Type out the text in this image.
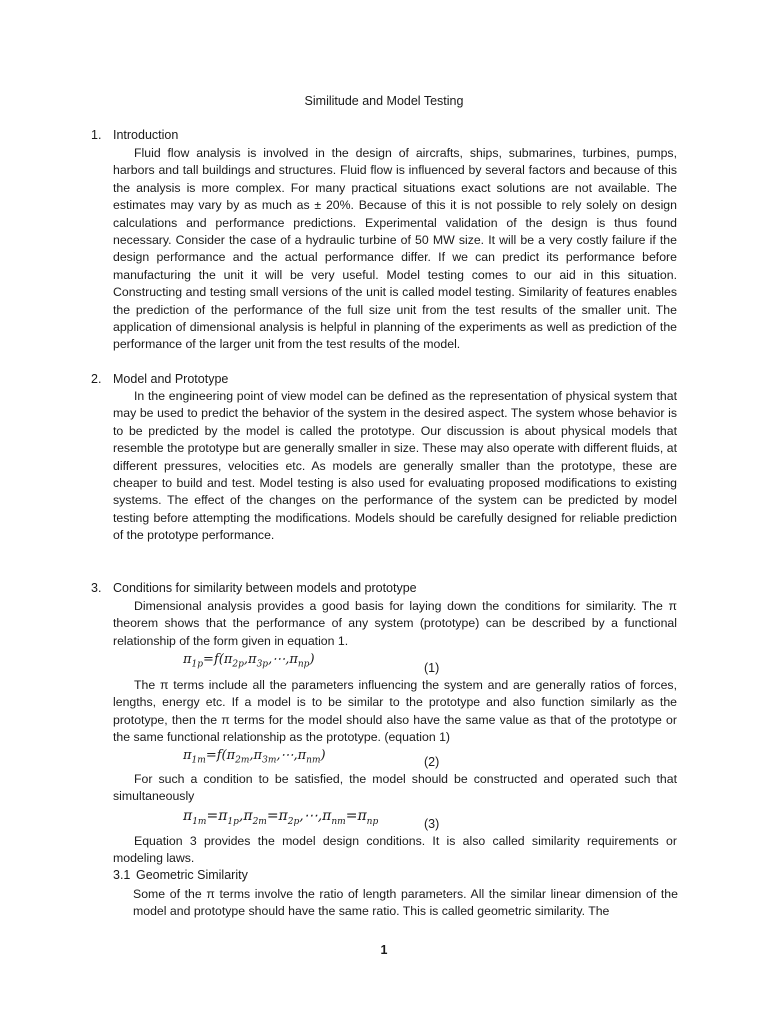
Similitude and Model Testing
1. Introduction

Fluid flow analysis is involved in the design of aircrafts, ships, submarines, turbines, pumps, harbors and tall buildings and structures. Fluid flow is influenced by several factors and because of this the analysis is more complex. For many practical situations exact solutions are not available. The estimates may vary by as much as ± 20%. Because of this it is not possible to rely solely on design calculations and performance predictions. Experimental validation of the design is thus found necessary. Consider the case of a hydraulic turbine of 50 MW size. It will be a very costly failure if the design performance and the actual performance differ. If we can predict its performance before manufacturing the unit it will be very useful. Model testing comes to our aid in this situation. Constructing and testing small versions of the unit is called model testing. Similarity of features enables the prediction of the performance of the full size unit from the test results of the smaller unit. The application of dimensional analysis is helpful in planning of the experiments as well as prediction of the performance of the larger unit from the test results of the model.

2. Model and Prototype

In the engineering point of view model can be defined as the representation of physical system that may be used to predict the behavior of the system in the desired aspect. The system whose behavior is to be predicted by the model is called the prototype. Our discussion is about physical models that resemble the prototype but are generally smaller in size. These may also operate with different fluids, at different pressures, velocities etc. As models are generally smaller than the prototype, these are cheaper to build and test. Model testing is also used for evaluating proposed modifications to existing systems. The effect of the changes on the performance of the system can be predicted by model testing before attempting the modifications. Models should be carefully designed for reliable prediction of the prototype performance.

3. Conditions for similarity between models and prototype

Dimensional analysis provides a good basis for laying down the conditions for similarity. The π theorem shows that the performance of any system (prototype) can be described by a functional relationship of the form given in equation 1.

$\pi_{1p}=f(\pi_{2p},\pi_{3p},\cdots,\pi_{np})$
(1)

The π terms include all the parameters influencing the system and are generally ratios of forces, lengths, energy etc. If a model is to be similar to the prototype and also function similarly as the prototype, then the π terms for the model should also have the same value as that of the prototype or the same functional relationship as the prototype. (equation 1)

$\pi_{1m}=f(\pi_{2m},\pi_{3m},\cdots,\pi_{nm})$	(2)

For such a condition to be satisfied, the model should be constructed and operated such that simultaneously

$\pi_{1m}=\pi_{1p},\pi_{2m}=\pi_{2p},\cdots,\pi_{nm}=\pi_{np}$	(3)

Equation 3 provides the model design conditions. It is also called similarity requirements or modeling laws.

3.1 Geometric Similarity

Some of the π terms involve the ratio of length parameters. All the similar linear dimension of the model and prototype should have the same ratio. This is called geometric similarity. The

1
